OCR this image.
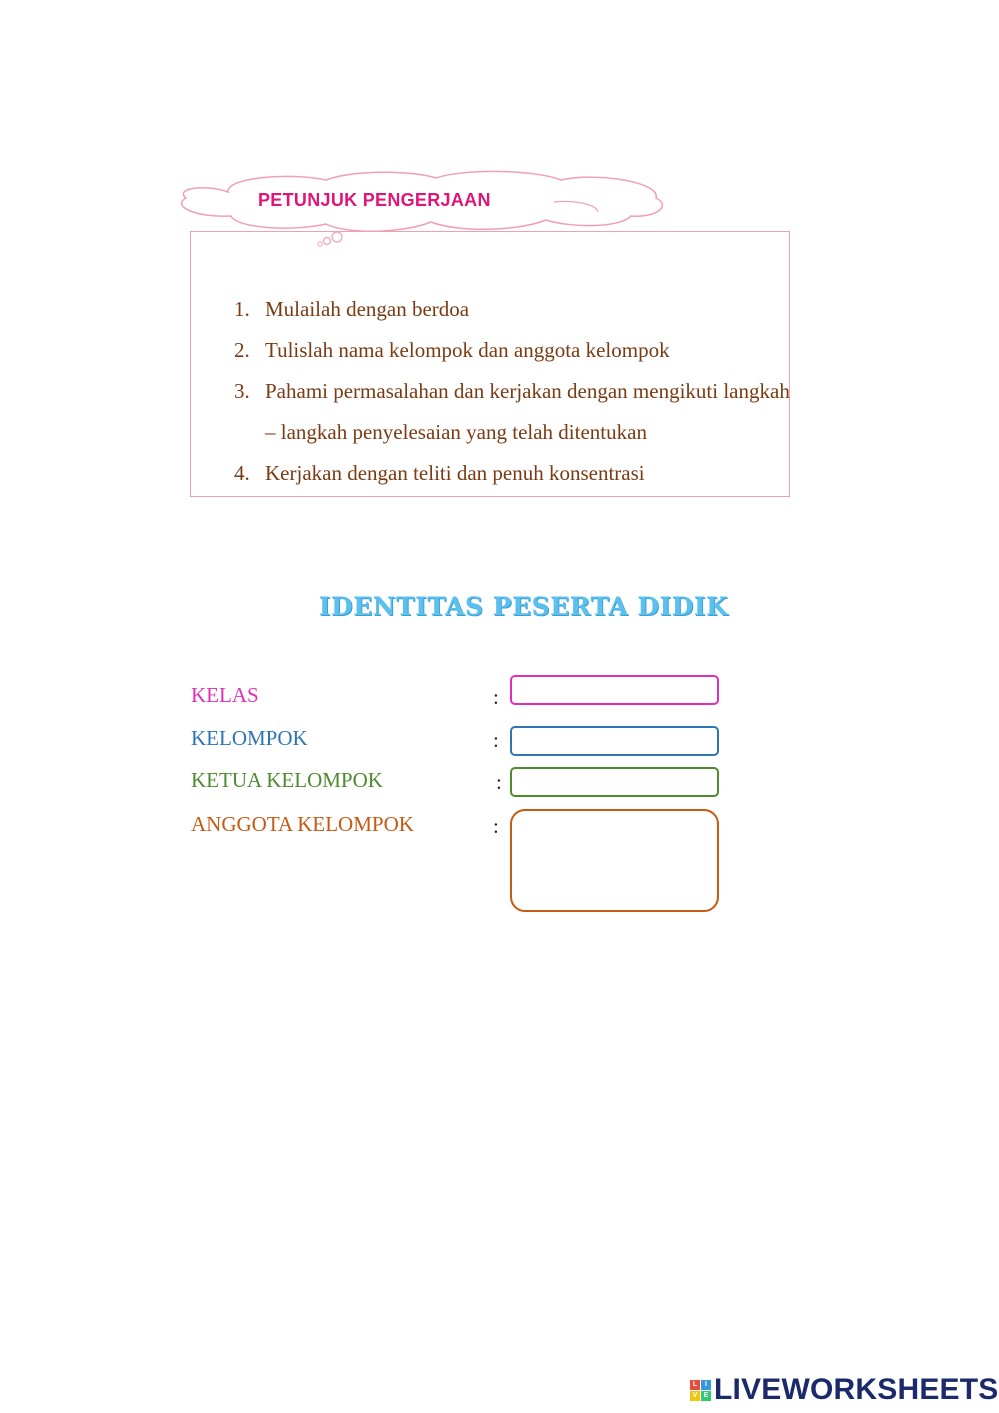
PETUNJUK PENGERJAAN
1. Mulailah dengan berdoa
2. Tulislah nama kelompok dan anggota kelompok
3. Pahami permasalahan dan kerjakan dengan mengikuti langkah – langkah penyelesaian yang telah ditentukan
4. Kerjakan dengan teliti dan penuh konsentrasi
IDENTITAS PESERTA DIDIK
KELAS	:
KELOMPOK	:
KETUA KELOMPOK	:
ANGGOTA KELOMPOK	:
L	I
V E LIVEWORKSHEETS
